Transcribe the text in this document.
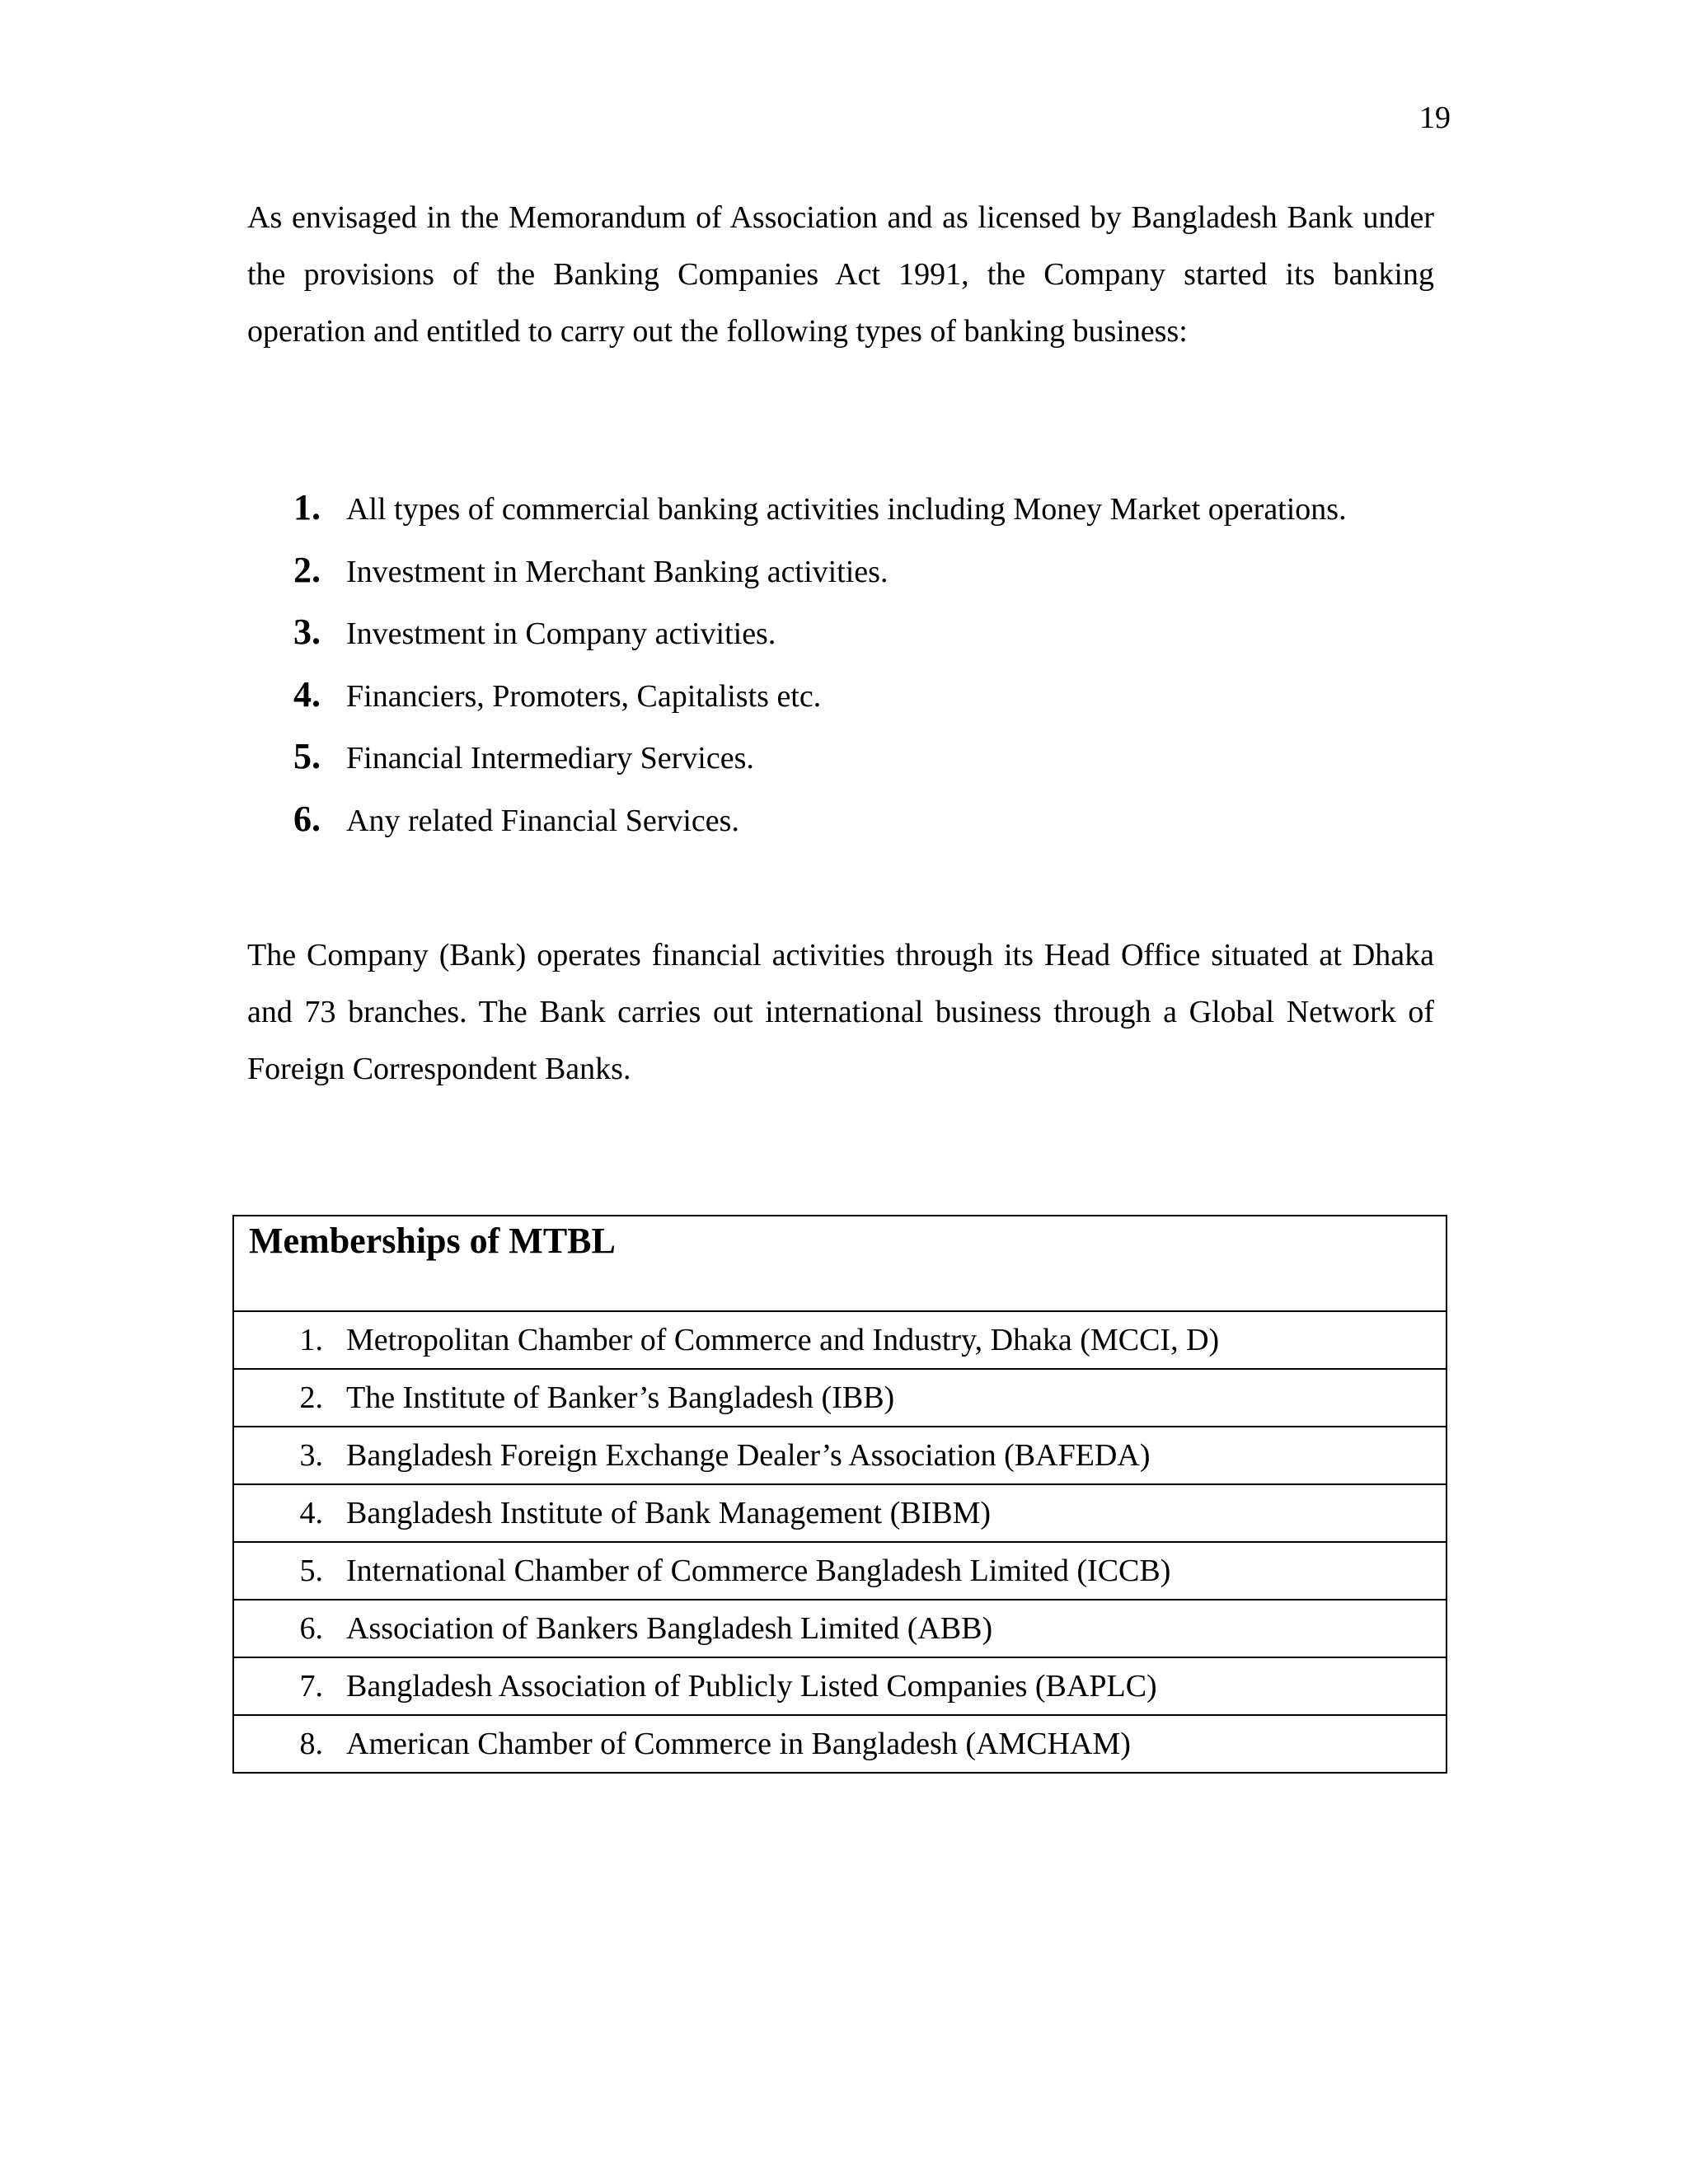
19

As envisaged in the Memorandum of Association and as licensed by Bangladesh Bank under the provisions of the Banking Companies Act 1991, the Company started its banking operation and entitled to carry out the following types of banking business:

1. All types of commercial banking activities including Money Market operations.
2. Investment in Merchant Banking activities.
3. Investment in Company activities.
4. Financiers, Promoters, Capitalists etc.
5. Financial Intermediary Services.
6. Any related Financial Services.

The Company (Bank) operates financial activities through its Head Office situated at Dhaka and 73 branches. The Bank carries out international business through a Global Network of Foreign Correspondent Banks.

Memberships of MTBL

1. Metropolitan Chamber of Commerce and Industry, Dhaka (MCCI, D)

2. The Institute of Banker’s Bangladesh (IBB)

3. Bangladesh Foreign Exchange Dealer’s Association (BAFEDA)

4. Bangladesh Institute of Bank Management (BIBM)

5. International Chamber of Commerce Bangladesh Limited (ICCB)

6. Association of Bankers Bangladesh Limited (ABB)

7. Bangladesh Association of Publicly Listed Companies (BAPLC)

8. American Chamber of Commerce in Bangladesh (AMCHAM)
